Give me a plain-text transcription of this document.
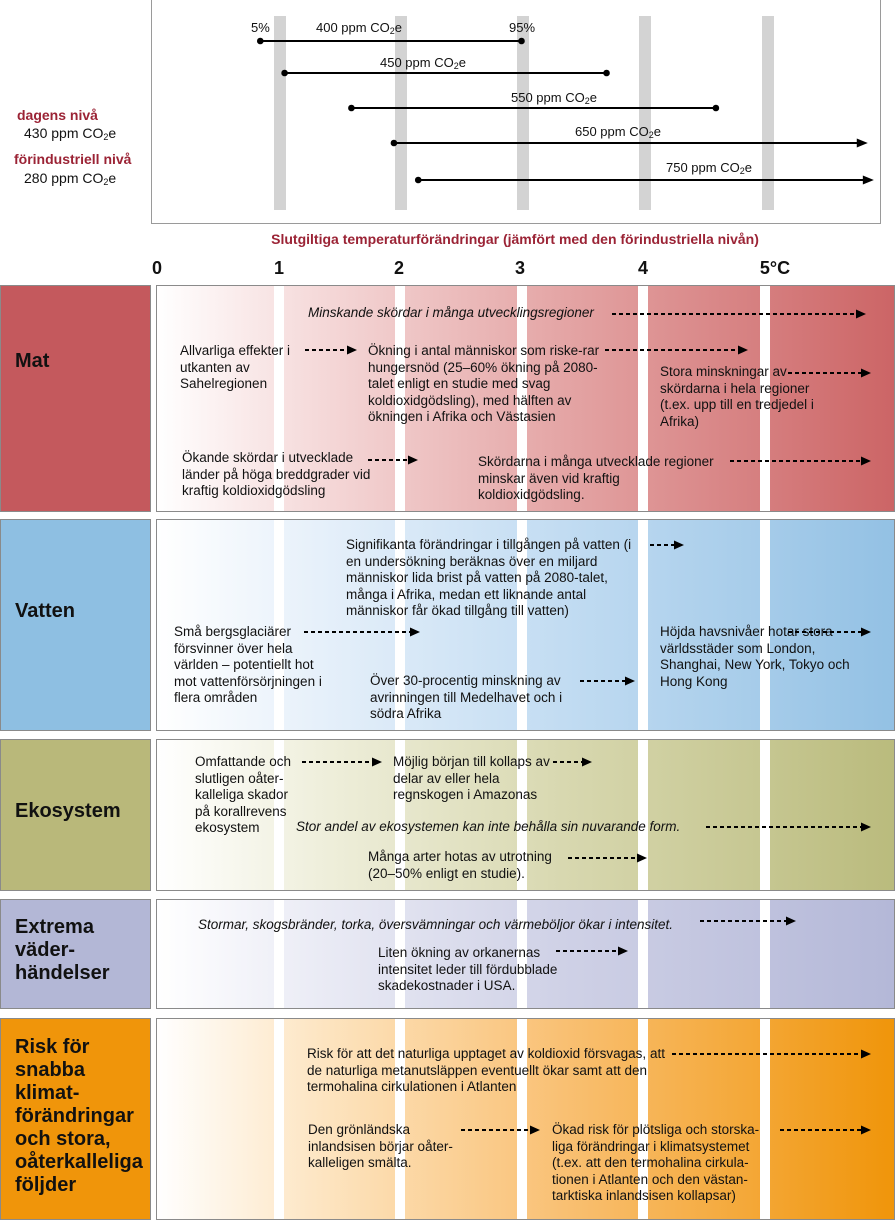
5%	95%
400 ppm $CO_2e$
450 ppm $CO_2e$
550 ppm $CO_2e$
650 ppm $CO_2e$
750 ppm $CO_2e$
dagens nivå
430 ppm $CO_2e$
förindustriell nivå
280 ppm $CO_2e$
Slutgiltiga temperaturförändringar (jämfört med den förindustriella nivån)
0	1	2	3	4	5°C
Mat
Vatten
Ekosystem
Extrema väder-händelser
Risk för snabba klimat-förändringar och stora, oåterkalleliga följder
Minskande skördar i många utvecklingsregioner
Allvarliga effekter i utkanten av Sahelregionen
Ökning i antal människor som riske-rar hungersnöd (25–60% ökning på 2080-talet enligt en studie med svag koldioxidgödsling), med hälften av ökningen i Afrika och Västasien
Stora minskningar av skördarna i hela regioner (t.ex. upp till en tredjedel i Afrika)
Ökande skördar i utvecklade länder på höga breddgrader vid kraftig koldioxidgödsling
Skördarna i många utvecklade regioner minskar även vid kraftig koldioxidgödsling.
Signifikanta förändringar i tillgången på vatten (i en undersökning beräknas över en miljard människor lida brist på vatten på 2080-talet, många i Afrika, medan ett liknande antal människor får ökad tillgång till vatten)
Små bergsglaciärer försvinner över hela världen – potentiellt hot mot vattenförsörjningen i flera områden
Höjda havsnivåer hotar stora världsstäder som London, Shanghai, New York, Tokyo och Hong Kong
Över 30-procentig minskning av avrinningen till Medelhavet och i södra Afrika
Omfattande och slutligen oåter-kalleliga skador på korallrevens ekosystem
Möjlig början till kollaps av delar av eller hela regnskogen i Amazonas
Stor andel av ekosystemen kan inte behålla sin nuvarande form.
Många arter hotas av utrotning (20–50% enligt en studie).
Stormar, skogsbränder, torka, översvämningar och värmeböljor ökar i intensitet.
Liten ökning av orkanernas intensitet leder till fördubblade skadekostnader i USA.
Risk för att det naturliga upptaget av koldioxid försvagas, att de naturliga metanutsläppen eventuellt ökar samt att den termohalina cirkulationen i Atlanten
Den grönländska inlandsisen börjar oåter-kalleligen smälta.
Ökad risk för plötsliga och storska-liga förändringar i klimatsystemet (t.ex. att den termohalina cirkula-tionen i Atlanten och den västan-tarktiska inlandsisen kollapsar)
